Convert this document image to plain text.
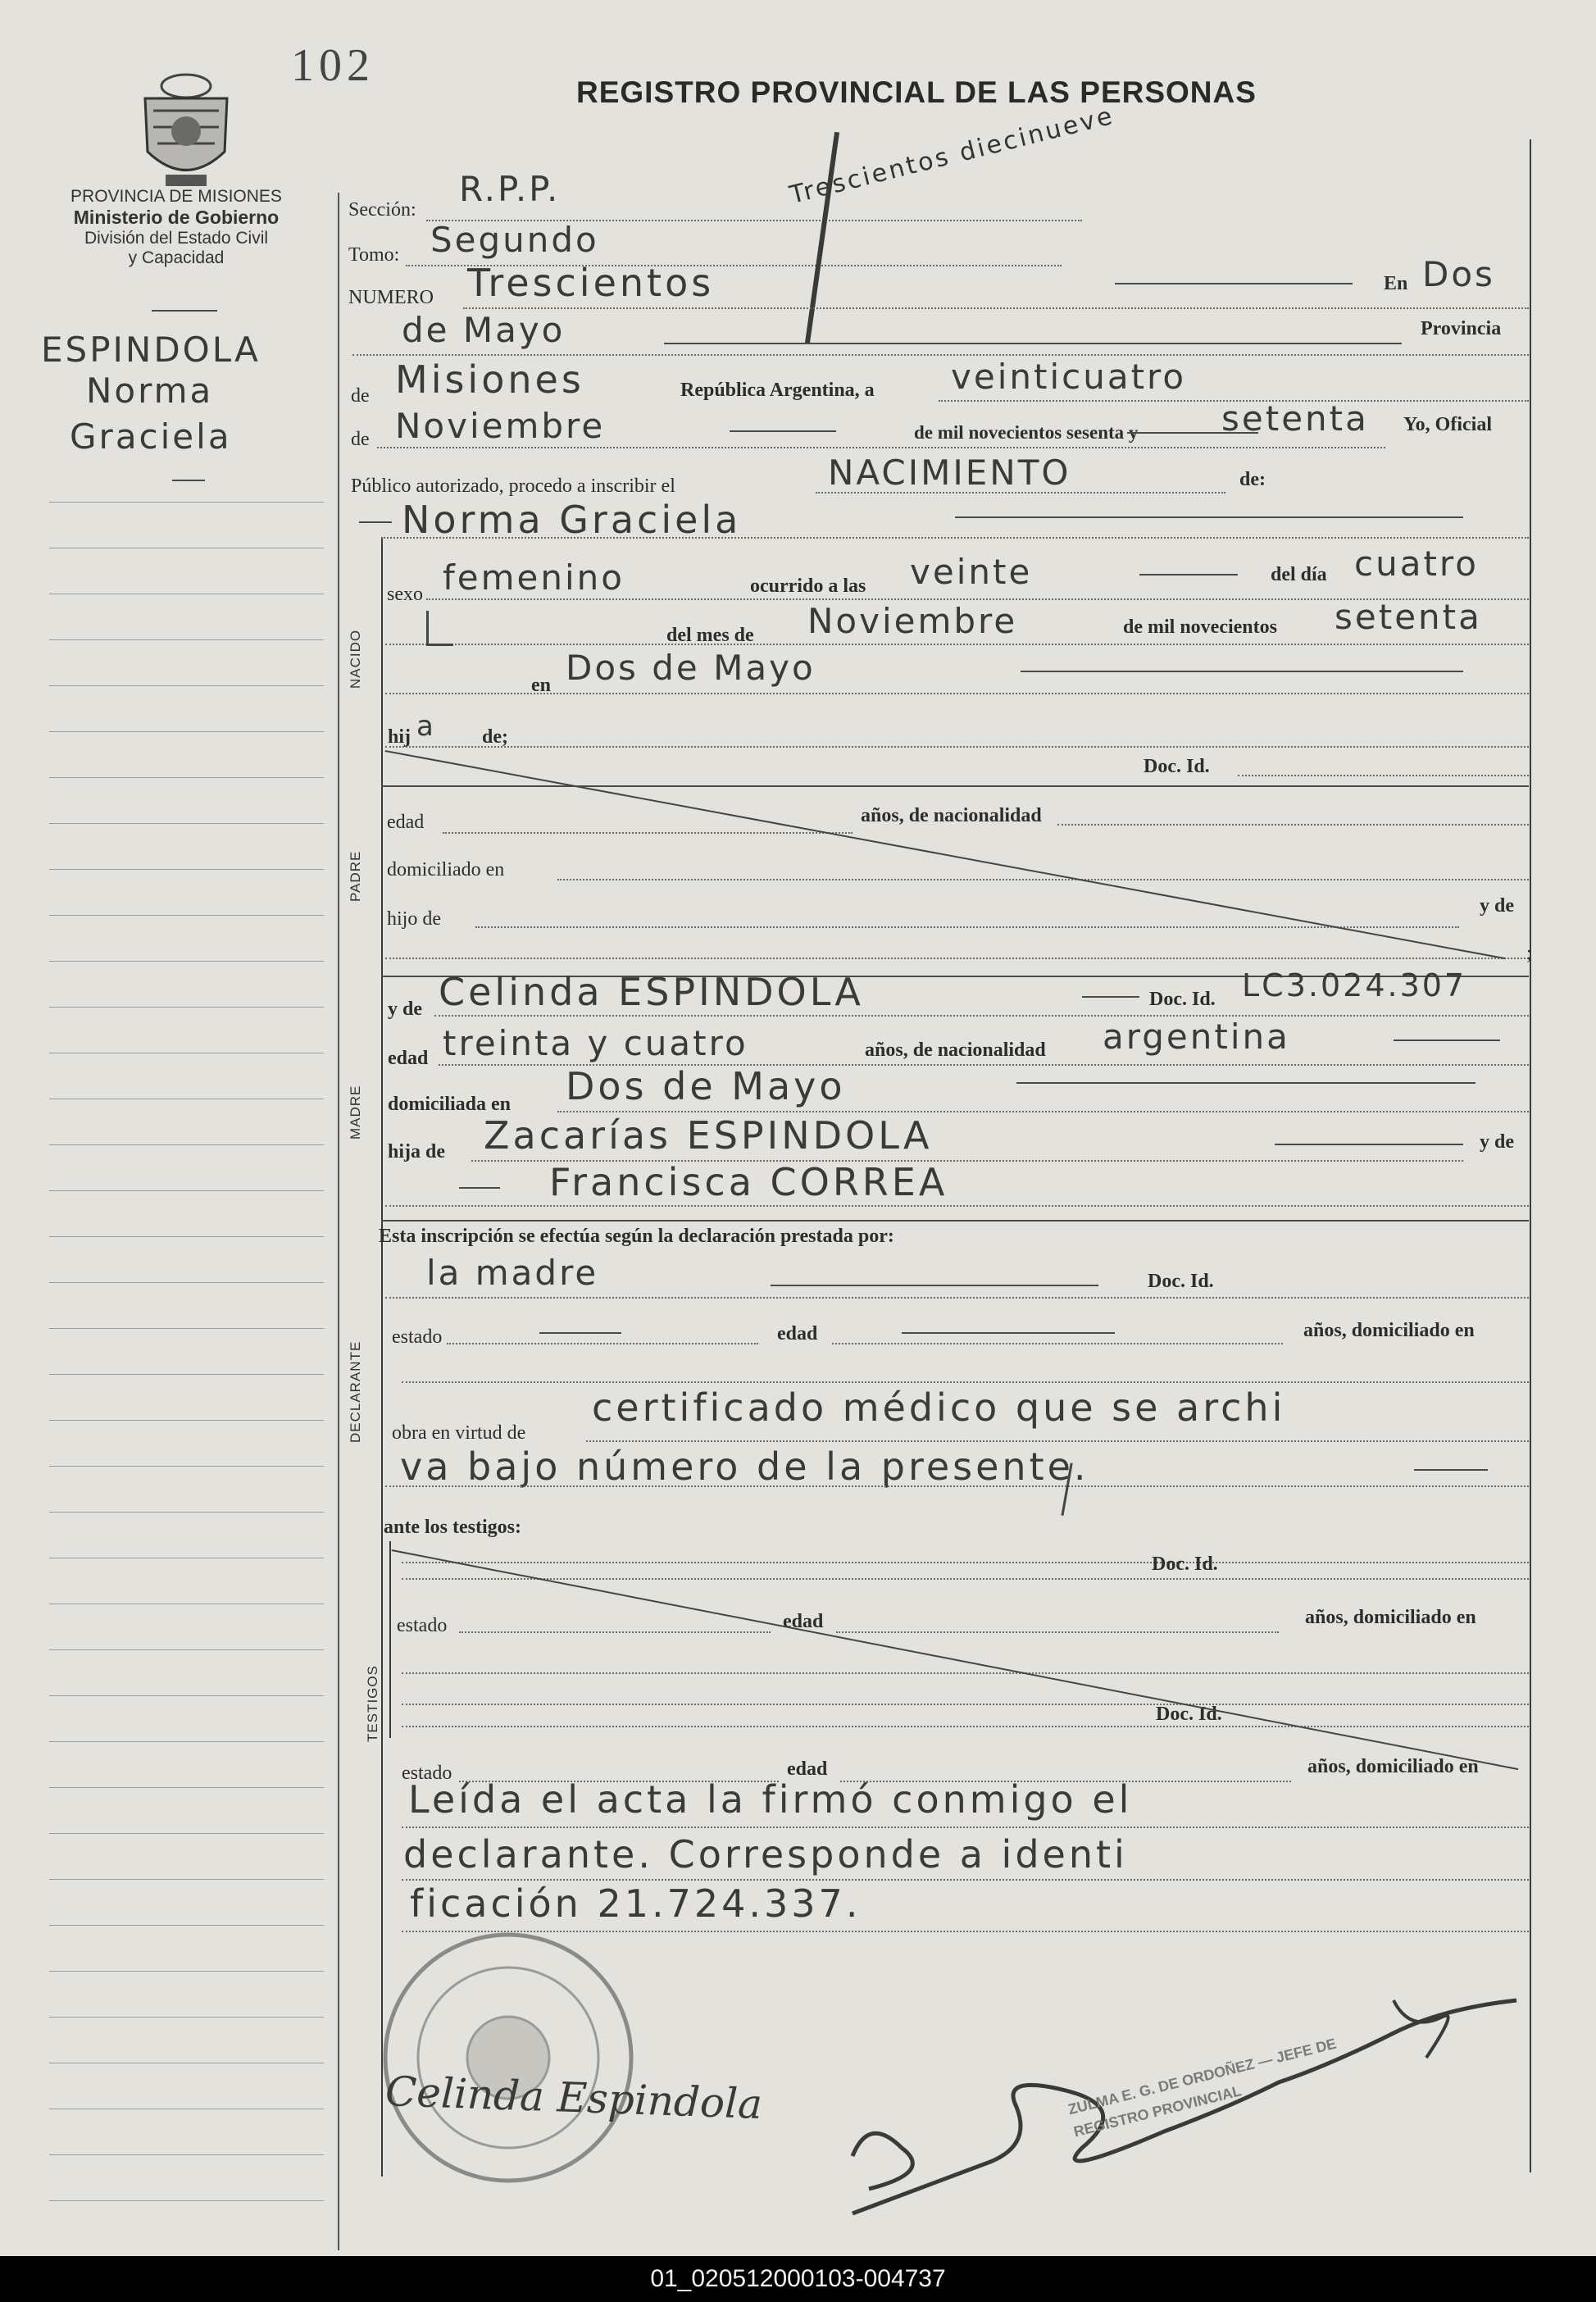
102
REGISTRO PROVINCIAL DE LAS PERSONAS
PROVINCIA DE MISIONES
Ministerio de Gobierno
División del Estado Civil
y Capacidad
ESPINDOLA
Norma
Graciela
Sección:
R.P.P.
Tomo: Segundo
NUMERO Trescientos
Trescientos diecinueve
En Dos
de Mayo	Provincia
de Misiones	República Argentina, a veinticuatro
de Noviembre	de mil novecientos sesenta y setenta Yo, Oficial
Público autorizado, procedo a inscribir el	NACIMIENTO	de:
Norma Graciela
NACIDO
sexo femenino	ocurrido a las veinte	del día cuatro
del mes de Noviembre	de mil novecientos setenta
en Dos de Mayo
hij a de;
Doc. Id.
PADRE
edad	años, de nacionalidad
domiciliado en
hijo de
y de
;
MADRE
y de Celinda ESPINDOLA	Doc. Id. LC3.024.307
edad treinta y cuatro	años, de nacionalidad argentina
domiciliada en Dos de Mayo
hija de Zacarías ESPINDOLA	y de
Francisca CORREA
Esta inscripción se efectúa según la declaración prestada por:
DECLARANTE
la madre	Doc. Id.
estado	edad	años, domiciliado en
obra en virtud de
certificado médico que se archi
va bajo número de la presente.
ante los testigos:
TESTIGOS
Doc. Id.
estado	edad	años, domiciliado en
Doc. Id.
estado	edad	años, domiciliado en
Leída el acta la firmó conmigo el
declarante. Corresponde a identi
ficación 21.724.337.
Celinda Espindola	ZULMA E. G. DE ORDOÑEZ — JEFE DE REGISTRO PROVINCIAL
01_020512000103-004737
